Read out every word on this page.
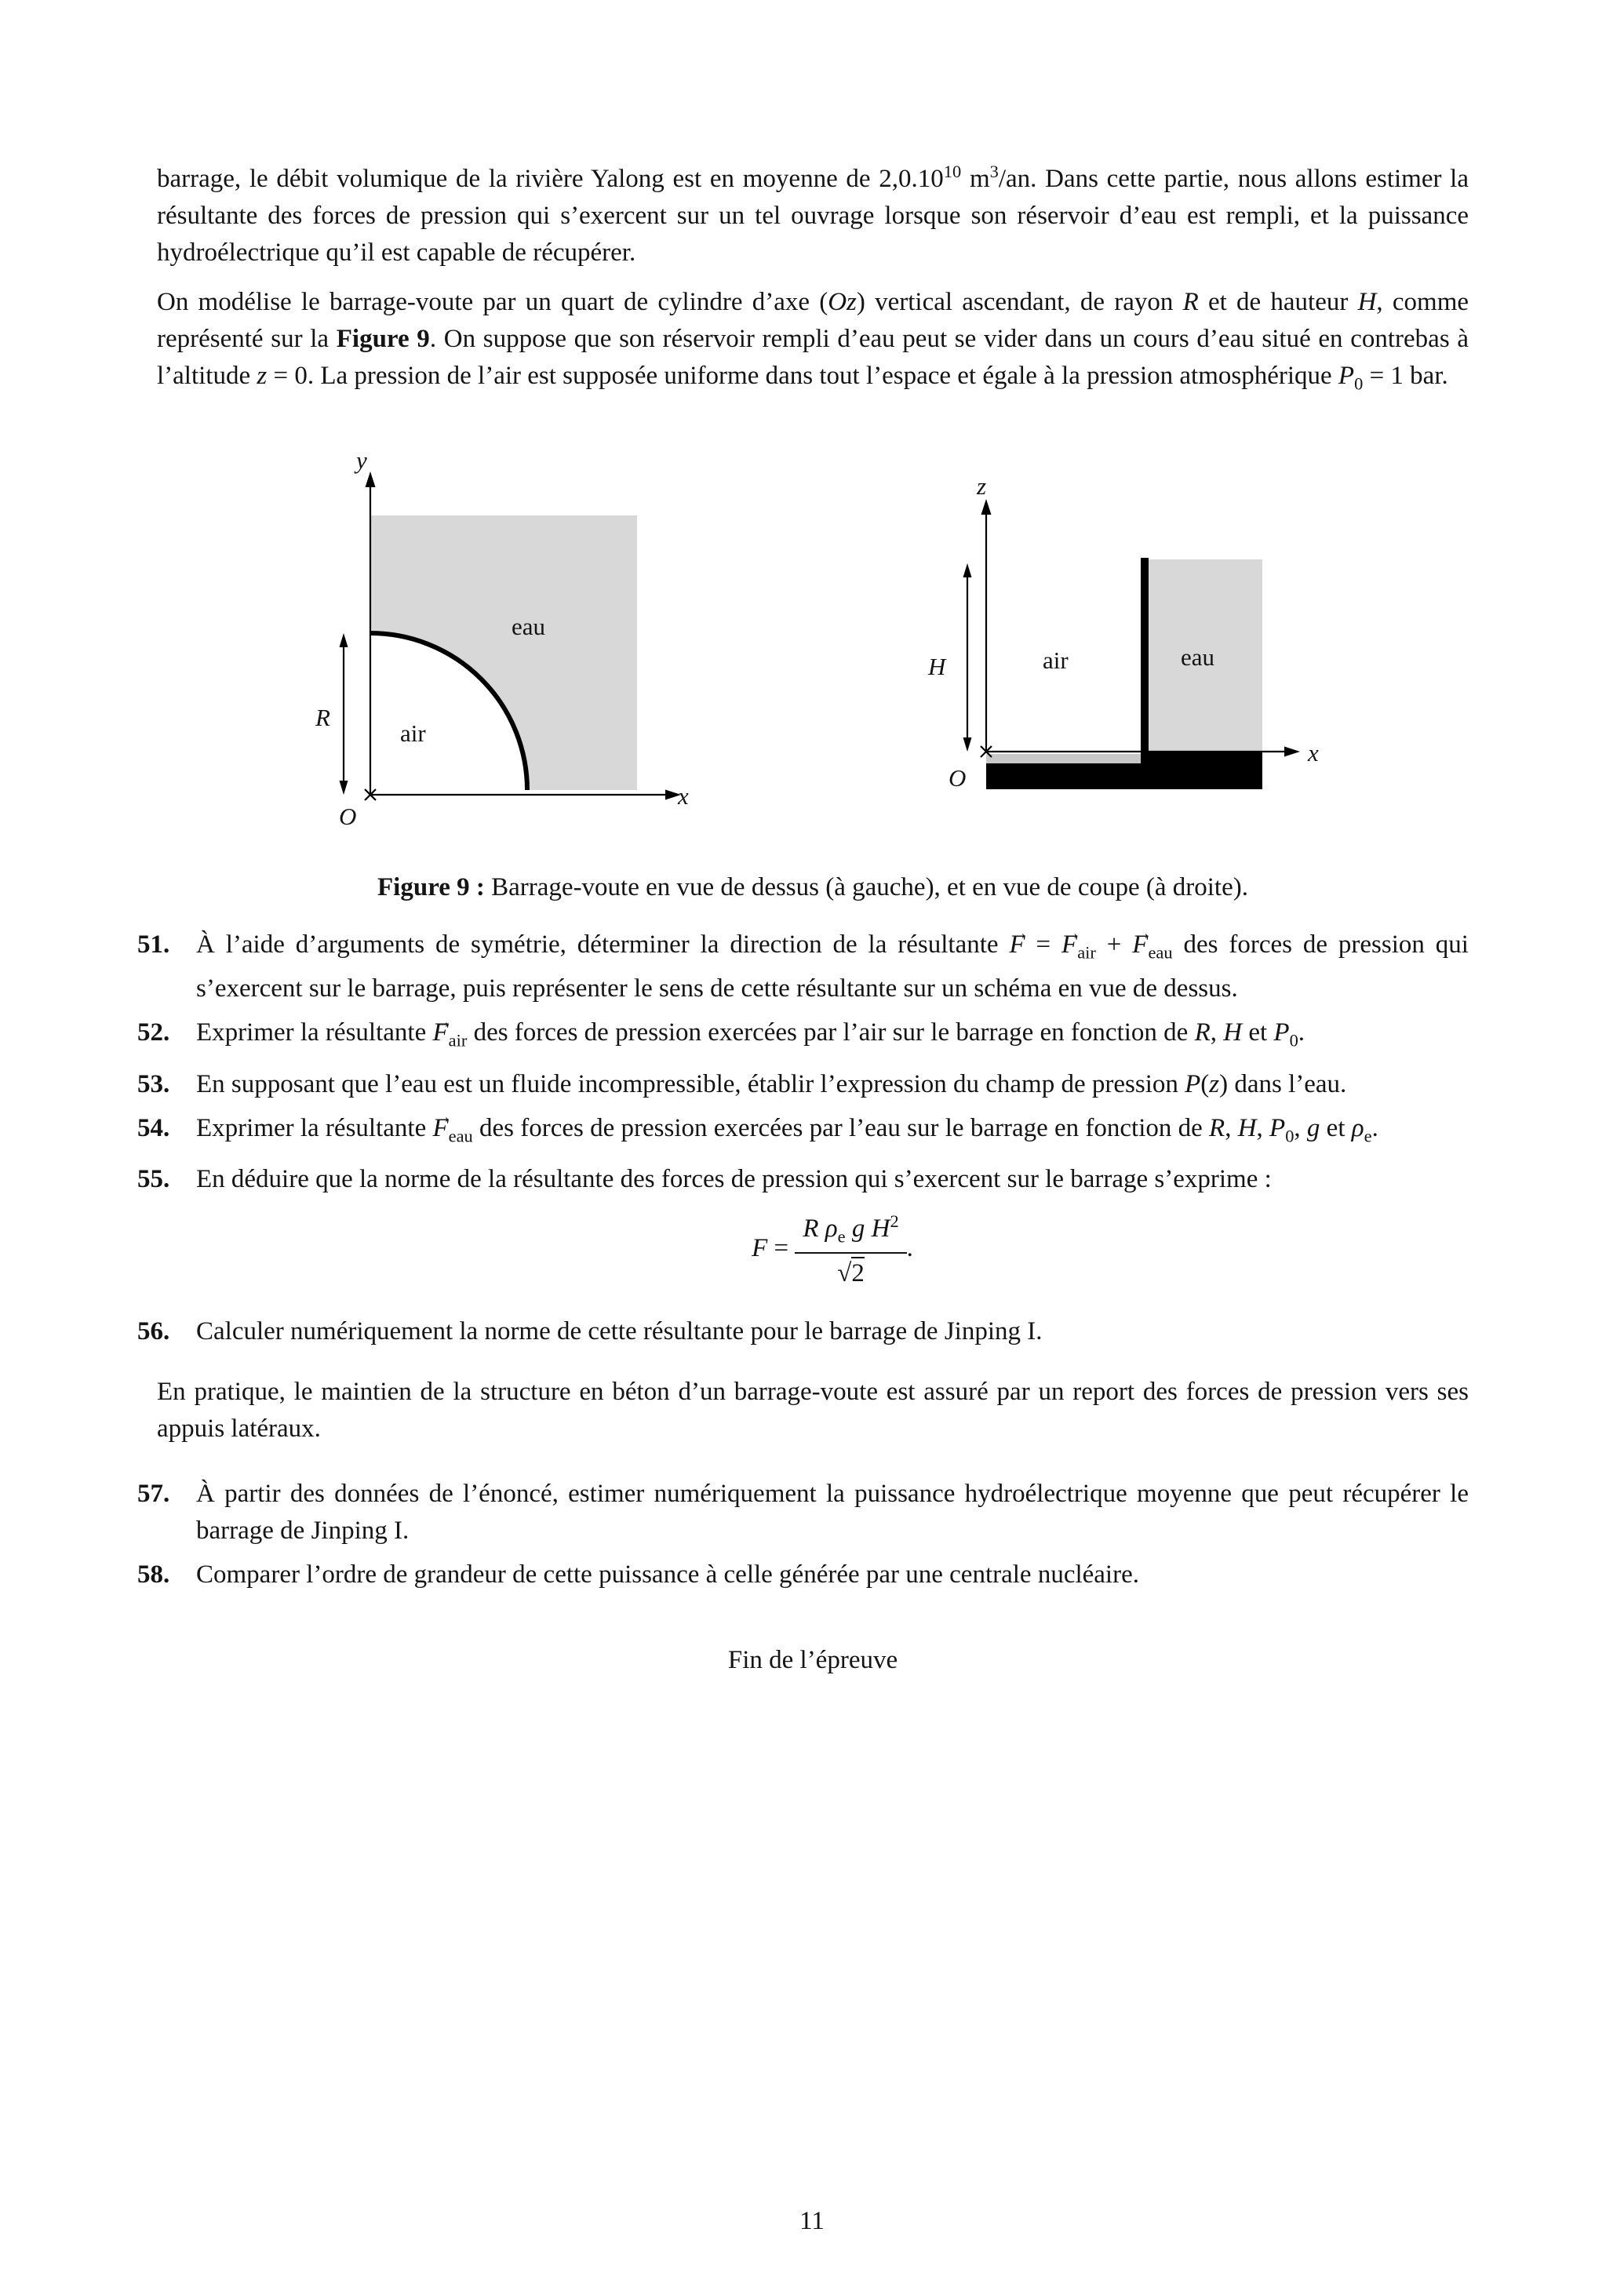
barrage, le débit volumique de la rivière Yalong est en moyenne de 2,0.10$^{10}$ $m^3/an$. Dans cette partie, nous allons estimer la résultante des forces de pression qui s’exercent sur un tel ouvrage lorsque son réservoir d’eau est rempli, et la puissance hydroélectrique qu’il est capable de récupérer.

On modélise le barrage-voute par un quart de cylindre d’axe (Oz) vertical ascendant, de rayon R et de hauteur H, comme représenté sur la Figure 9. On suppose que son réservoir rempli d’eau peut se vider dans un cours d’eau situé en contrebas à l’altitude z = 0. La pression de l’air est supposée uniforme dans tout l’espace et égale à la pression atmosphérique $P_0 = 1$ bar.

y
x
O
R
air
eau
z
x
O
H	air	eau
Figure 9 : Barrage-voute en vue de dessus (à gauche), et en vue de coupe (à droite).
51.	À l’aide d’arguments de symétrie, déterminer la direction de la résultante → F = → $F_{air}$ + → $F_{eau}$ des forces de pression qui s’exercent sur le barrage, puis représenter le sens de cette résultante sur un schéma en vue de dessus.
52.	Exprimer la résultante → $F_{air}$ des forces de pression exercées par l’air sur le barrage en fonction de R, H et $P_0$.
53.	En supposant que l’eau est un fluide incompressible, établir l’expression du champ de pression P(z) dans l’eau.
54.	Exprimer la résultante → $F_{eau}$ des forces de pression exercées par l’eau sur le barrage en fonction de R, H, $P_0$, g et $\rho_e$.
55.	En déduire que la norme de la résultante des forces de pression qui s’exercent sur le barrage s’exprime :
$F = \frac{R \rho_e g H^2}{√2}$ .
56.	Calculer numériquement la norme de cette résultante pour le barrage de Jinping I.

En pratique, le maintien de la structure en béton d’un barrage-voute est assuré par un report des forces de pression vers ses appuis latéraux.

57.	À partir des données de l’énoncé, estimer numériquement la puissance hydroélectrique moyenne que peut récupérer le barrage de Jinping I.
58.	Comparer l’ordre de grandeur de cette puissance à celle générée par une centrale nucléaire.
Fin de l’épreuve
11
